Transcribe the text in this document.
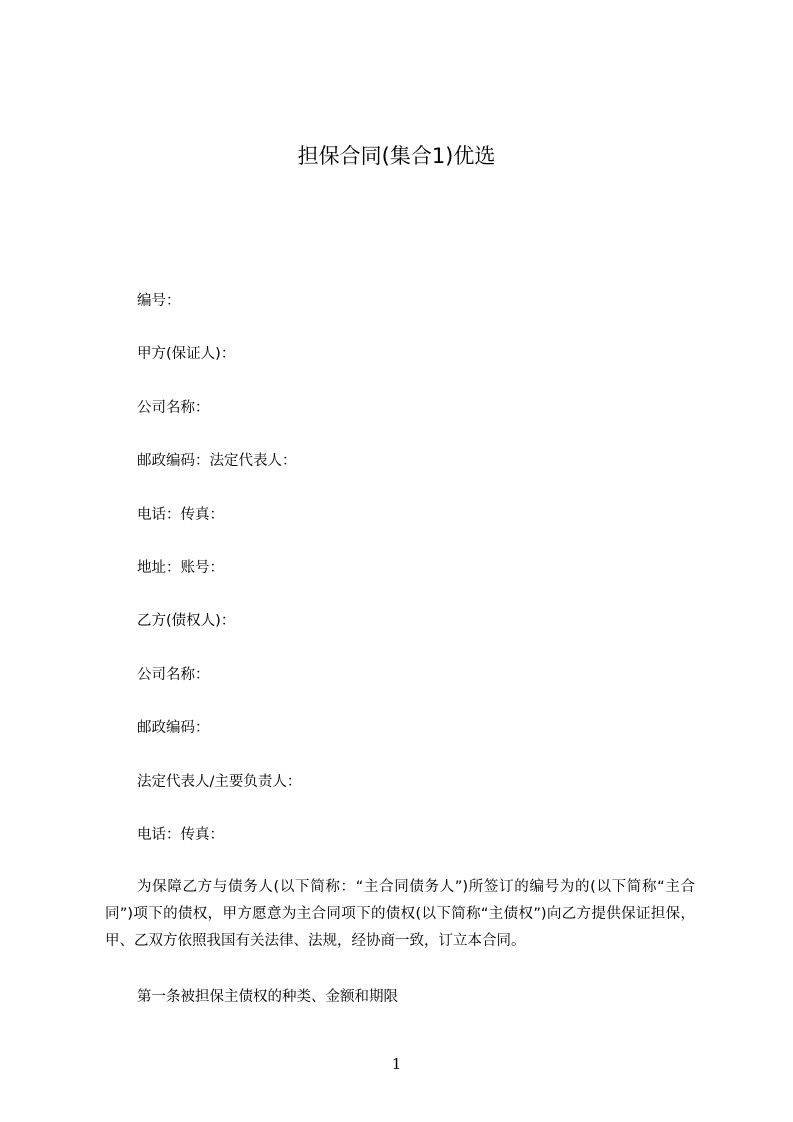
担保合同(集合1)优选
编号：
甲方(保证人)：
公司名称：
邮政编码：法定代表人：
电话：传真：
地址：账号：
乙方(债权人)：
公司名称：
邮政编码：
法定代表人/主要负责人：
电话：传真：
为保障乙方与债务人(以下简称：“主合同债务人”)所签订的编号为的(以下简称“主合同”)项下的债权，甲方愿意为主合同项下的债权(以下简称“主债权”)向乙方提供保证担保，甲、乙双方依照我国有关法律、法规，经协商一致，订立本合同。
第一条被担保主债权的种类、金额和期限
1
